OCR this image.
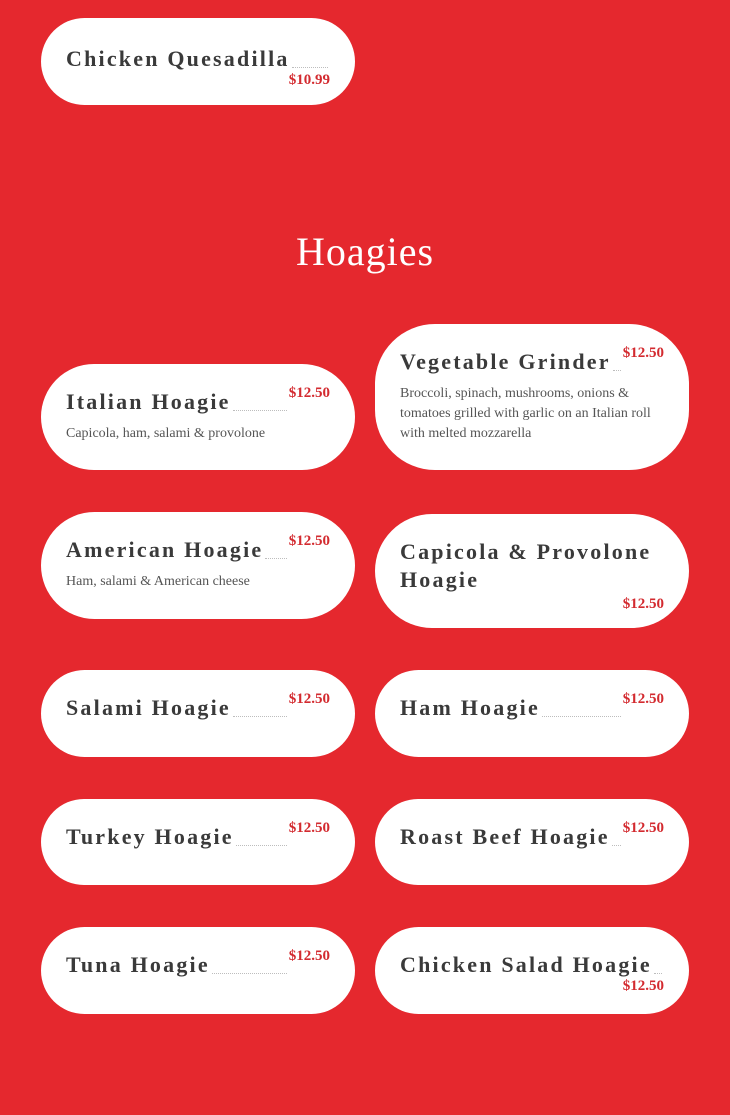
Chicken Quesadilla
$10.99
Hoagies
Italian Hoagie	$12.50
Capicola, ham, salami & provolone
Vegetable Grinder $12.50
Broccoli, spinach, mushrooms, onions & tomatoes grilled with garlic on an Italian roll with melted mozzarella
American Hoagie $12.50
Ham, salami & American cheese
Capicola & Provolone Hoagie
$12.50
Salami Hoagie	$12.50	Ham Hoagie	$12.50
Turkey Hoagie	$12.50	Roast Beef Hoagie $12.50
Tuna Hoagie	$12.50	Chicken Salad Hoagie
$12.50
